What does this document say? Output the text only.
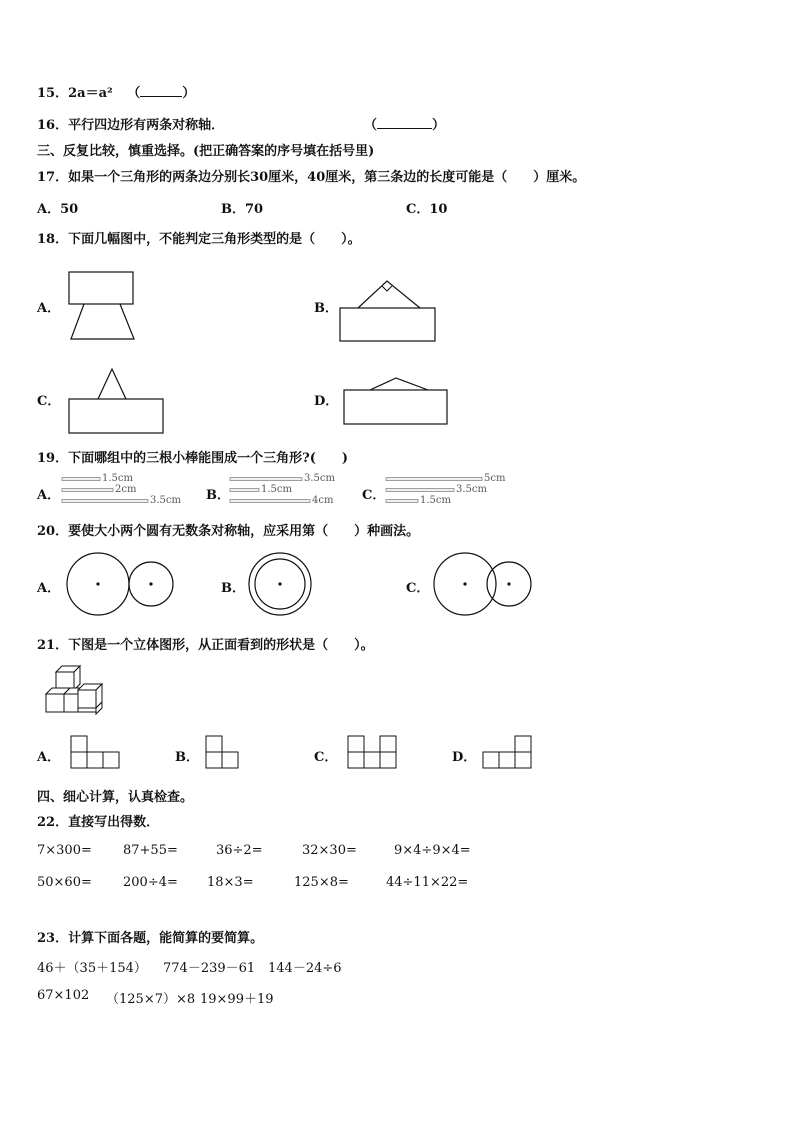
15．2a＝a² （	）
16．平行四边形有两条对称轴．	（	）
三、反复比较，慎重选择。(把正确答案的序号填在括号里)
17．如果一个三角形的两条边分别长30厘米，40厘米，第三条边的长度可能是（　　）厘米。
A．50	B．70	C．10
18．下面几幅图中，不能判定三角形类型的是（　　）。
A．	B．
C．	D．
19．下面哪组中的三根小棒能围成一个三角形?(　　)
A．
1.5cm
2cm
3.5cm B．
3.5cm
1.5cm
4cm C．
5cm
3.5cm
1.5cm
20．要使大小两个圆有无数条对称轴，应采用第（　　）种画法。
A．	B．	C．
21．下图是一个立体图形，从正面看到的形状是（　　）。
A．	B．	C．	D．
四、细心计算，认真检查。
22．直接写出得数．
7×300= 87+55=	36÷2=	32×30=	9×4÷9×4=
50×60= 200÷4= 18×3=	125×8=	44÷11×22=
23．计算下面各题，能简算的要简算。
46＋（35＋154） 774－239－61 144－24÷6
67×102 （125×7）×8 19×99＋19
